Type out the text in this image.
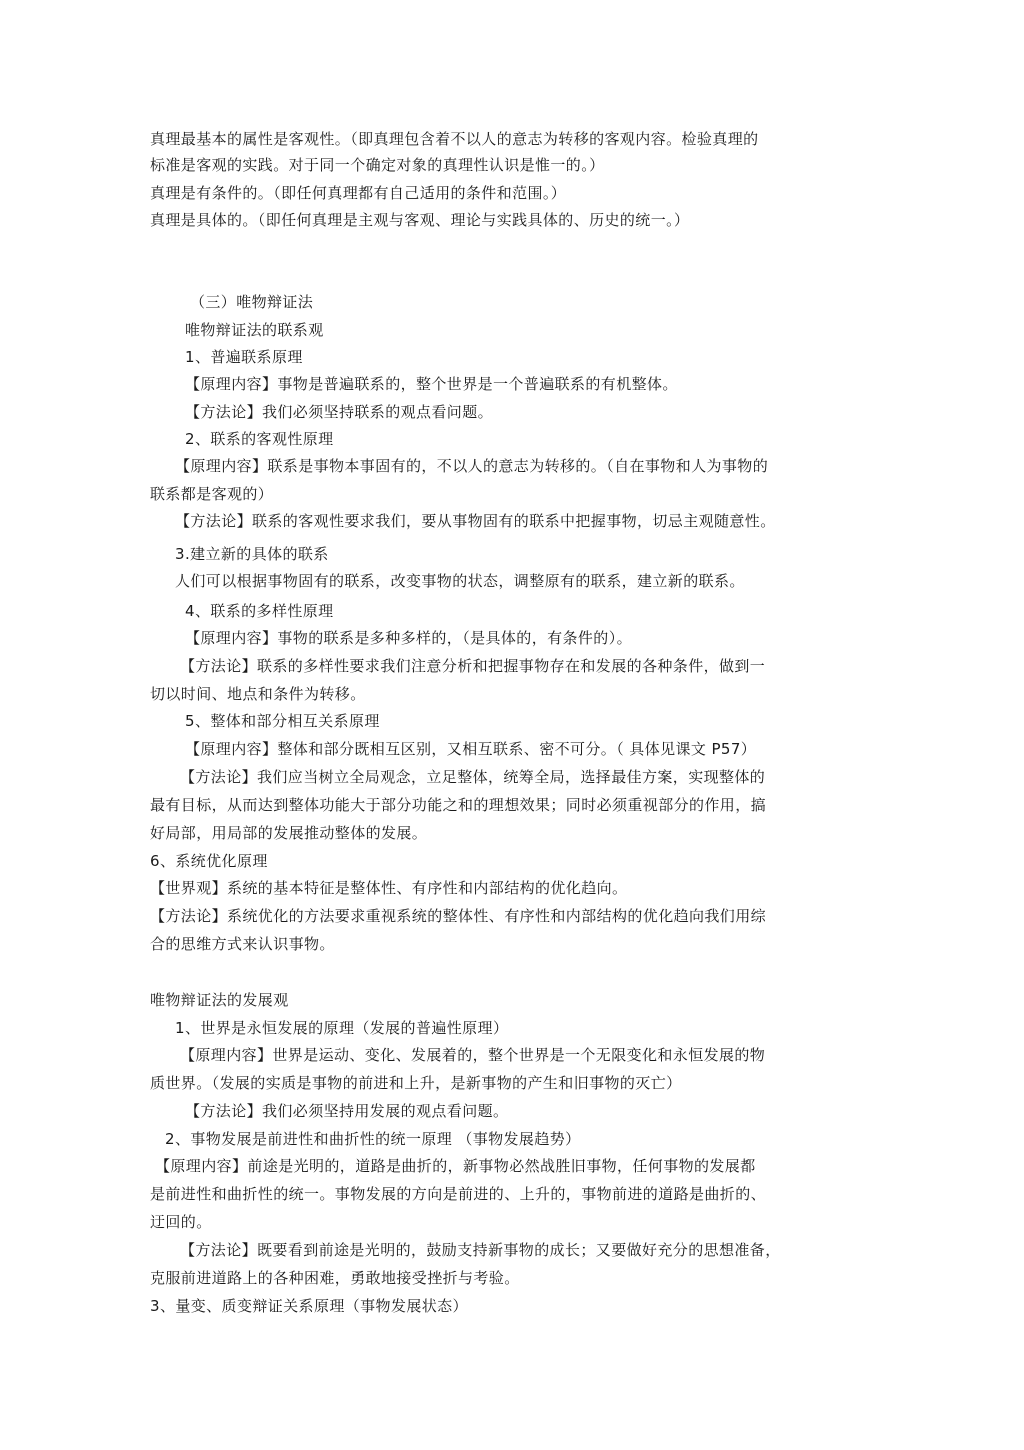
真理最基本的属性是客观性。（即真理包含着不以人的意志为转移的客观内容。检验真理的

标准是客观的实践。对于同一个确定对象的真理性认识是惟一的。）

真理是有条件的。（即任何真理都有自己适用的条件和范围。）

真理是具体的。（即任何真理是主观与客观、理论与实践具体的、历史的统一。）

（三）唯物辩证法

唯物辩证法的联系观

1、普遍联系原理

【原理内容】事物是普遍联系的，整个世界是一个普遍联系的有机整体。

【方法论】我们必须坚持联系的观点看问题。

2、联系的客观性原理

【原理内容】联系是事物本事固有的，不以人的意志为转移的。（自在事物和人为事物的

联系都是客观的）

【方法论】联系的客观性要求我们，要从事物固有的联系中把握事物，切忌主观随意性。

3.建立新的具体的联系

人们可以根据事物固有的联系，改变事物的状态，调整原有的联系，建立新的联系。

4、联系的多样性原理

【原理内容】事物的联系是多种多样的，（是具体的，有条件的）。

【方法论】联系的多样性要求我们注意分析和把握事物存在和发展的各种条件，做到一

切以时间、地点和条件为转移。

5、整体和部分相互关系原理

【原理内容】整体和部分既相互区别，又相互联系、密不可分。（ 具体见课文 P57）

【方法论】我们应当树立全局观念，立足整体，统筹全局，选择最佳方案，实现整体的

最有目标，从而达到整体功能大于部分功能之和的理想效果；同时必须重视部分的作用，搞

好局部，用局部的发展推动整体的发展。

6、系统优化原理

【世界观】系统的基本特征是整体性、有序性和内部结构的优化趋向。

【方法论】系统优化的方法要求重视系统的整体性、有序性和内部结构的优化趋向我们用综

合的思维方式来认识事物。

唯物辩证法的发展观

1、世界是永恒发展的原理（发展的普遍性原理）

【原理内容】世界是运动、变化、发展着的，整个世界是一个无限变化和永恒发展的物

质世界。（发展的实质是事物的前进和上升，是新事物的产生和旧事物的灭亡）

【方法论】我们必须坚持用发展的观点看问题。

2、事物发展是前进性和曲折性的统一原理 （事物发展趋势）

【原理内容】前途是光明的，道路是曲折的，新事物必然战胜旧事物，任何事物的发展都

是前进性和曲折性的统一。事物发展的方向是前进的、上升的，事物前进的道路是曲折的、

迂回的。

【方法论】既要看到前途是光明的，鼓励支持新事物的成长；又要做好充分的思想准备，

克服前进道路上的各种困难，勇敢地接受挫折与考验。

3、量变、质变辩证关系原理（事物发展状态）
